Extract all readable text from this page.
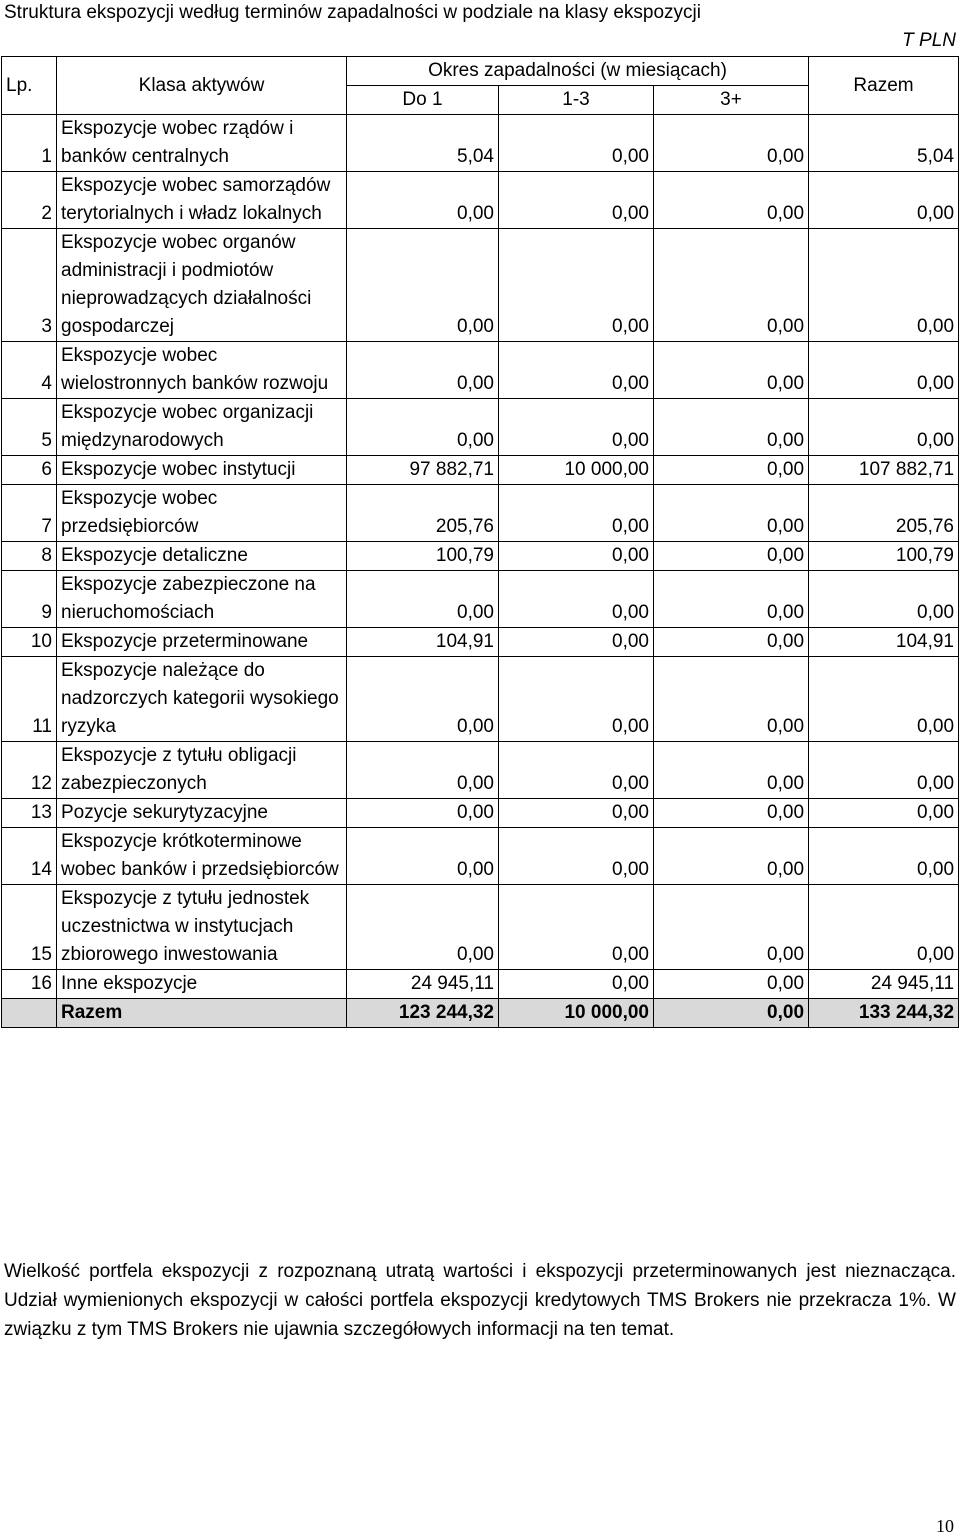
Struktura ekspozycji według terminów zapadalności w podziale na klasy ekspozycji
T PLN
Lp.	Klasa aktywów	Okres zapadalności (w miesiącach)			Razem
		Do 1	1-3	3+	
1	Ekspozycje wobec rządów i banków centralnych	5,04	0,00	0,00	5,04
2	Ekspozycje wobec samorządów terytorialnych i władz lokalnych	0,00	0,00	0,00	0,00
3	Ekspozycje wobec organów administracji i podmiotów nieprowadzących działalności gospodarczej	0,00	0,00	0,00	0,00
4	Ekspozycje wobec wielostronnych banków rozwoju	0,00	0,00	0,00	0,00
5	Ekspozycje wobec organizacji międzynarodowych	0,00	0,00	0,00	0,00
6	Ekspozycje wobec instytucji	97 882,71	10 000,00	0,00	107 882,71
7	Ekspozycje wobec przedsiębiorców	205,76	0,00	0,00	205,76
8	Ekspozycje detaliczne	100,79	0,00	0,00	100,79
9	Ekspozycje zabezpieczone na nieruchomościach	0,00	0,00	0,00	0,00
10	Ekspozycje przeterminowane	104,91	0,00	0,00	104,91
11	Ekspozycje należące do nadzorczych kategorii wysokiego ryzyka	0,00	0,00	0,00	0,00
12	Ekspozycje z tytułu obligacji zabezpieczonych	0,00	0,00	0,00	0,00
13	Pozycje sekurytyzacyjne	0,00	0,00	0,00	0,00
14	Ekspozycje krótkoterminowe wobec banków i przedsiębiorców	0,00	0,00	0,00	0,00
15	Ekspozycje z tytułu jednostek uczestnictwa w instytucjach zbiorowego inwestowania	0,00	0,00	0,00	0,00
16	Inne ekspozycje	24 945,11	0,00	0,00	24 945,11
	Razem	123 244,32	10 000,00	0,00	133 244,32
Wielkość portfela ekspozycji z rozpoznaną utratą wartości i ekspozycji przeterminowanych jest nieznacząca. Udział wymienionych ekspozycji w całości portfela ekspozycji kredytowych TMS Brokers nie przekracza 1%. W związku z tym TMS Brokers nie ujawnia szczegółowych informacji na ten temat.
10
